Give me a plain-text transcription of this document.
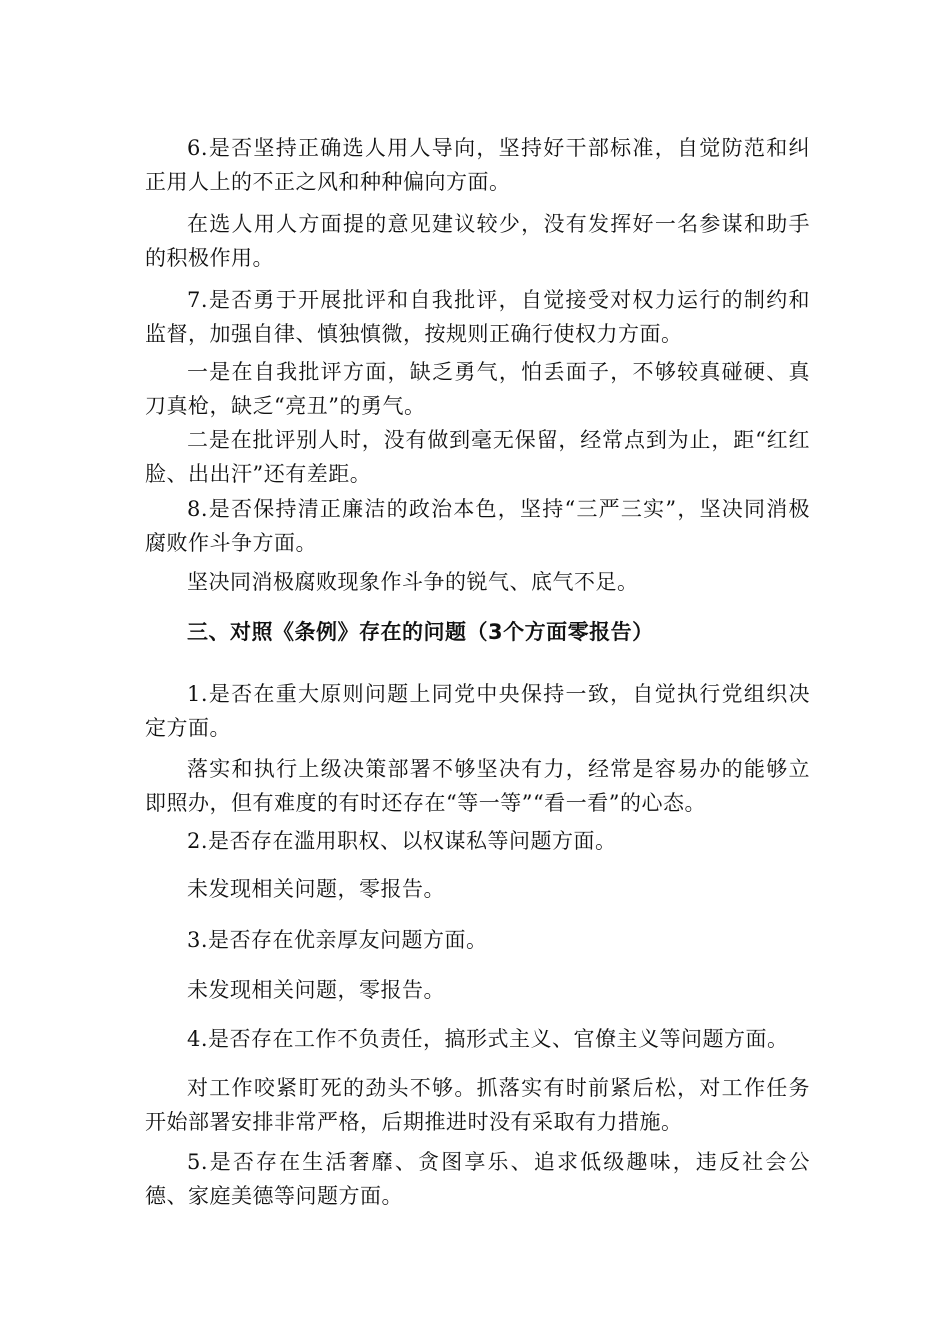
6.是否坚持正确选人用人导向，坚持好干部标准，自觉防范和纠正用人上的不正之风和种种偏向方面。

在选人用人方面提的意见建议较少，没有发挥好一名参谋和助手的积极作用。

7.是否勇于开展批评和自我批评，自觉接受对权力运行的制约和监督，加强自律、慎独慎微，按规则正确行使权力方面。

一是在自我批评方面，缺乏勇气，怕丢面子，不够较真碰硬、真刀真枪，缺乏“亮丑”的勇气。

二是在批评别人时，没有做到毫无保留，经常点到为止，距“红红脸、出出汗”还有差距。

8.是否保持清正廉洁的政治本色，坚持“三严三实”，坚决同消极腐败作斗争方面。

坚决同消极腐败现象作斗争的锐气、底气不足。

三、对照《条例》存在的问题（3个方面零报告）

1.是否在重大原则问题上同党中央保持一致，自觉执行党组织决定方面。

落实和执行上级决策部署不够坚决有力，经常是容易办的能够立即照办，但有难度的有时还存在“等一等”“看一看”的心态。

2.是否存在滥用职权、以权谋私等问题方面。

未发现相关问题，零报告。

3.是否存在优亲厚友问题方面。

未发现相关问题，零报告。

4.是否存在工作不负责任，搞形式主义、官僚主义等问题方面。

对工作咬紧盯死的劲头不够。抓落实有时前紧后松，对工作任务开始部署安排非常严格，后期推进时没有采取有力措施。

5.是否存在生活奢靡、贪图享乐、追求低级趣味，违反社会公德、家庭美德等问题方面。
